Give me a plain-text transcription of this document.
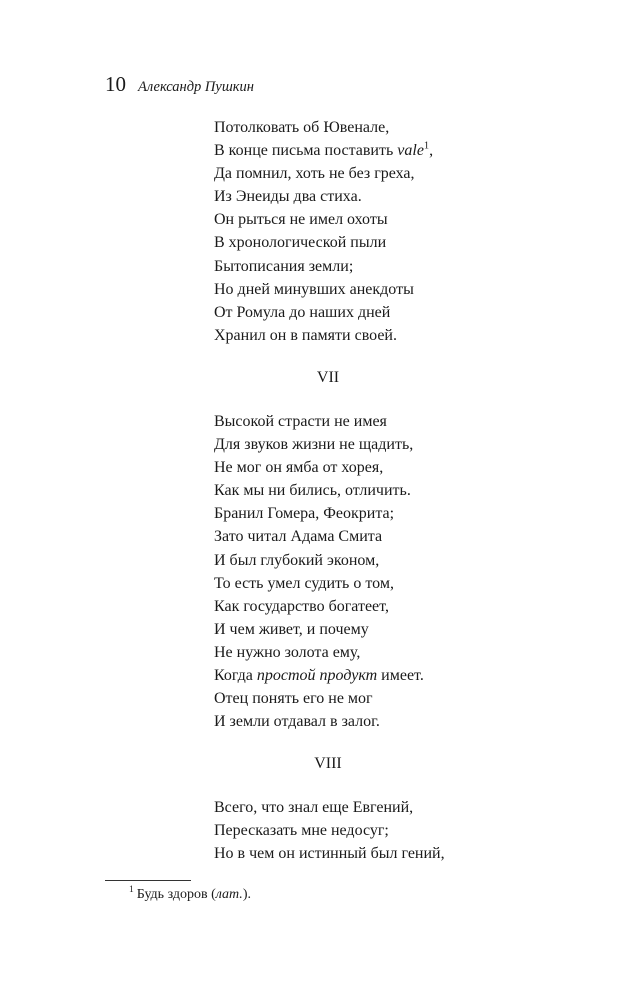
10 Александр Пушкин
Потолковать об Ювенале,
В конце письма поставить vale$^1$,
Да помнил, хоть не без греха,
Из Энеиды два стиха.
Он рыться не имел охоты
В хронологической пыли
Бытописания земли;
Но дней минувших анекдоты
От Ромула до наших дней
Хранил он в памяти своей.
VII
Высокой страсти не имея
Для звуков жизни не щадить,
Не мог он ямба от хорея,
Как мы ни бились, отличить.
Бранил Гомера, Феокрита;
Зато читал Адама Смита
И был глубокий эконом,
То есть умел судить о том,
Как государство богатеет,
И чем живет, и почему
Не нужно золота ему,
Когда простой продукт имеет.
Отец понять его не мог
И земли отдавал в залог.
VIII
Всего, что знал еще Евгений,
Пересказать мне недосуг;
Но в чем он истинный был гений,
$^1$ Будь здоров (лат.).
